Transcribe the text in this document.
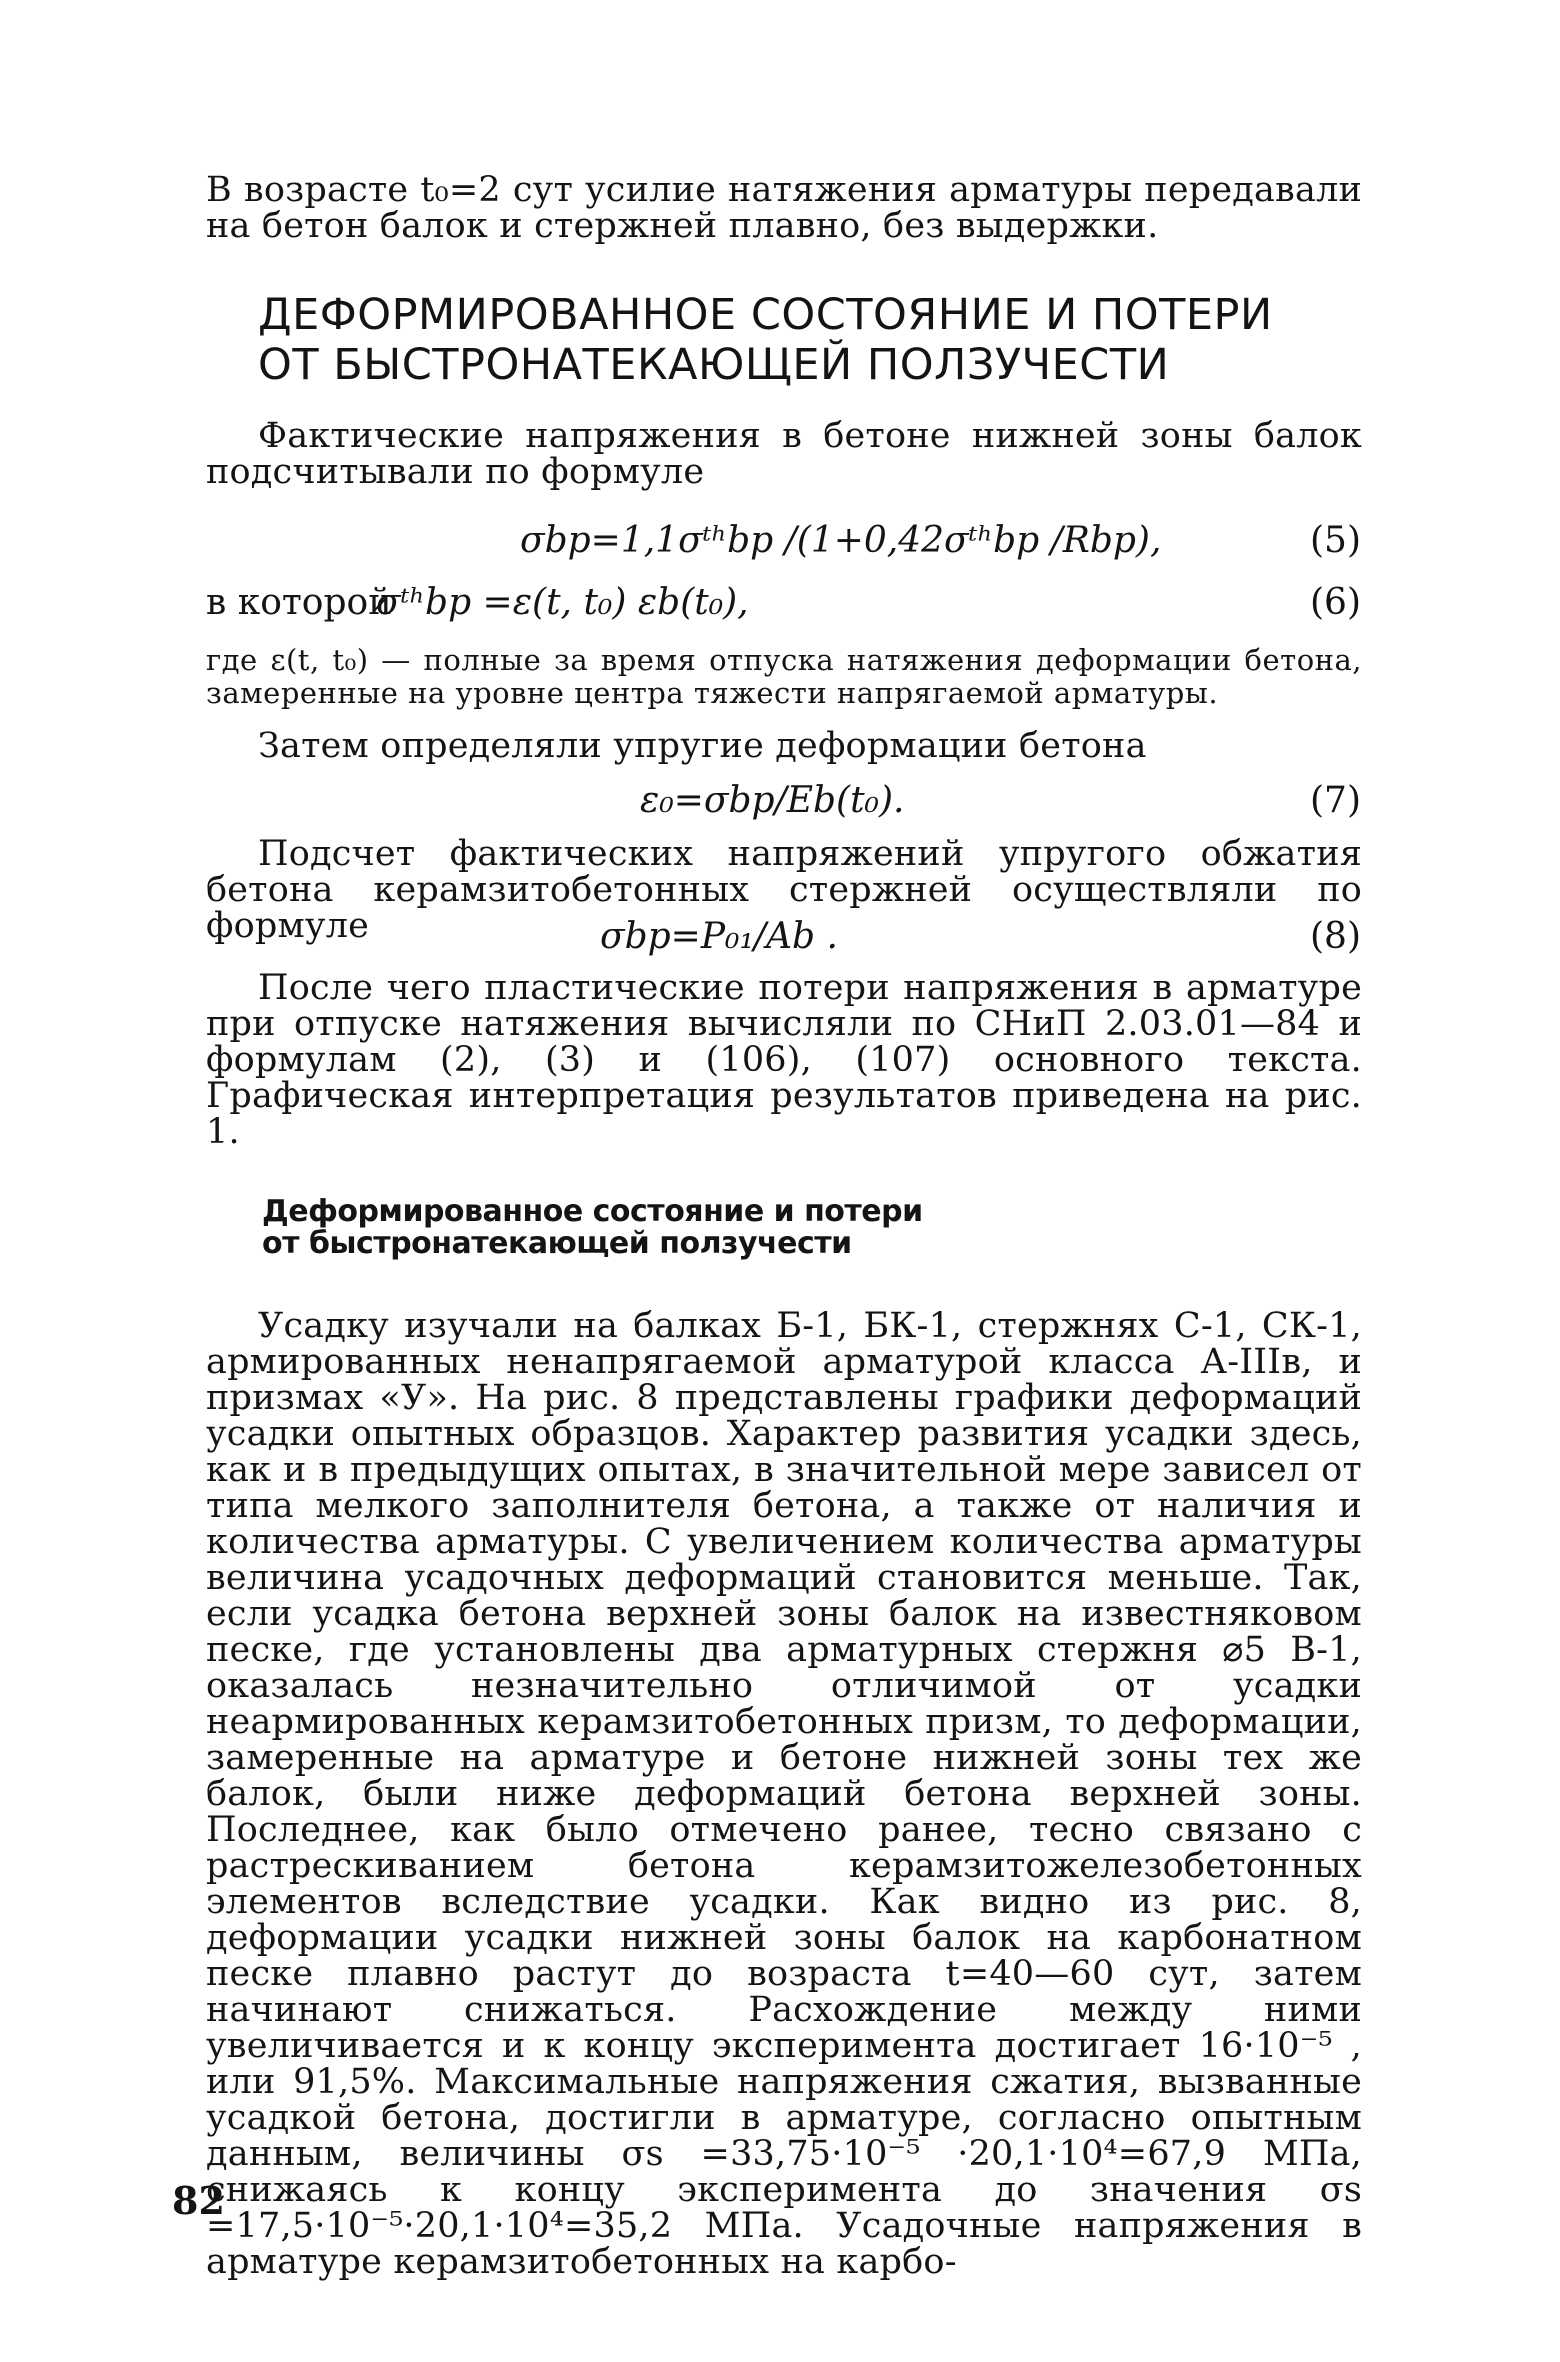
В возрасте t₀=2 сут усилие натяжения арматуры передавали на бетон балок и стержней плавно, без выдержки.
ДЕФОРМИРОВАННОЕ СОСТОЯНИЕ И ПОТЕРИ
ОТ БЫСТРОНАТЕКАЮЩЕЙ ПОЛЗУЧЕСТИ
Фактические напряжения в бетоне нижней зоны балок подсчитывали по формуле
σbp=1,1σᵗʰbp /(1+0,42σᵗʰbp /Rbp),	(5)
в которой
σᵗʰbp =ε(t, t₀) εb(t₀),	(6)
где ε(t, t₀) — полные за время отпуска натяжения деформации бетона, замеренные на уровне центра тяжести напрягаемой арматуры.
Затем определяли упругие деформации бетона
ε₀=σbp/Eb(t₀).	(7)
Подсчет фактических напряжений упругого обжатия бетона керамзитобетонных стержней осуществляли по формуле	σbp=P₀₁/Ab .	(8)
После чего пластические потери напряжения в арматуре при отпуске натяжения вычисляли по СНиП 2.03.01—84 и формулам (2), (3) и (106), (107) основного текста. Графическая интерпретация результатов приведена на рис. 1.
Деформированное состояние и потери
от быстронатекающей ползучести
Усадку изучали на балках Б-1, БК-1, стержнях С-1, СК-1, армированных ненапрягаемой арматурой класса А-IIIв, и призмах «У». На рис. 8 представлены графики деформаций усадки опытных образцов. Характер развития усадки здесь, как и в предыдущих опытах, в значительной мере зависел от типа мелкого заполнителя бетона, а также от наличия и количества арматуры. С увеличением количества арматуры величина усадочных деформаций становится меньше. Так, если усадка бетона верхней зоны балок на известняковом песке, где установлены два арматурных стержня ⌀5 В-1, оказалась незначительно отличимой от усадки неармированных керамзитобетонных призм, то деформации, замеренные на арматуре и бетоне нижней зоны тех же балок, были ниже деформаций бетона верхней зоны. Последнее, как было отмечено ранее, тесно связано с растрескиванием бетона керамзитожелезобетонных элементов вследствие усадки. Как видно из рис. 8, деформации усадки нижней зоны балок на карбонатном песке плавно растут до возраста t=40—60 сут, затем начинают снижаться. Расхождение между ними увеличивается и к концу эксперимента достигает 16·10⁻⁵ , или 91,5%. Максимальные напряжения сжатия, вызванные усадкой бетона, достигли в арматуре, согласно опытным данным, величины σs =33,75·10⁻⁵ ·20,1·10⁴=67,9 МПа, снижаясь к концу эксперимента до значения σs =17,5·10⁻⁵·20,1·10⁴=35,2 МПа. Усадочные напряжения в арматуре керамзитобетонных на карбо-
82
